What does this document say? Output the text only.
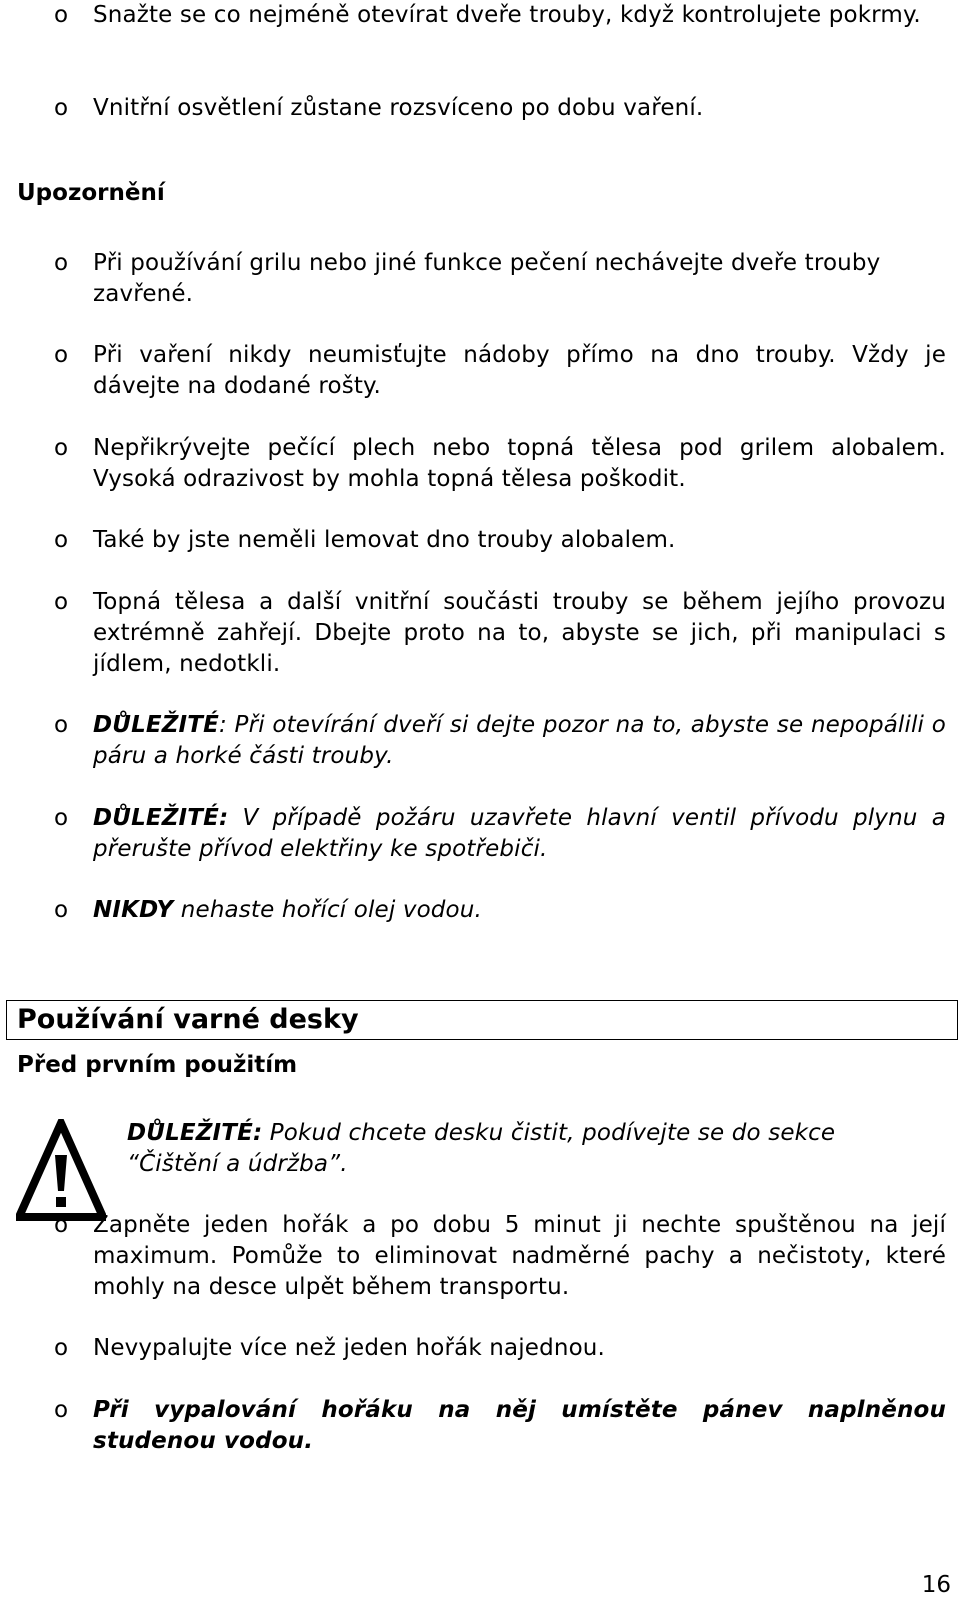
o Snažte se co nejméně otevírat dveře trouby, když kontrolujete pokrmy.
o Vnitřní osvětlení zůstane rozsvíceno po dobu vaření.
Upozornění
o Při používání grilu nebo jiné funkce pečení nechávejte dveře trouby zavřené.
o Při vaření nikdy neumisťujte nádoby přímo na dno trouby. Vždy je dávejte na dodané rošty.
o Nepřikrývejte pečící plech nebo topná tělesa pod grilem alobalem. Vysoká odrazivost by mohla topná tělesa poškodit.
o Také by jste neměli lemovat dno trouby alobalem.
o Topná tělesa a další vnitřní součásti trouby se během jejího provozu extrémně zahřejí. Dbejte proto na to, abyste se jich, při manipulaci s jídlem, nedotkli.
o DŮLEŽITÉ: Při otevírání dveří si dejte pozor na to, abyste se nepopálili o páru a horké části trouby.
o DŮLEŽITÉ: V případě požáru uzavřete hlavní ventil přívodu plynu a přerušte přívod elektřiny ke spotřebiči.
o NIKDY nehaste hořící olej vodou.
Používání varné desky
Před prvním použitím
DŮLEŽITÉ: Pokud chcete desku čistit, podívejte se do sekce “Čištění a údržba”.
o Zapněte jeden hořák a po dobu 5 minut ji nechte spuštěnou na její maximum. Pomůže to eliminovat nadměrné pachy a nečistoty, které mohly na desce ulpět během transportu.
o Nevypalujte více než jeden hořák najednou.
o Při vypalování hořáku na něj umístěte pánev naplněnou studenou vodou.
16
